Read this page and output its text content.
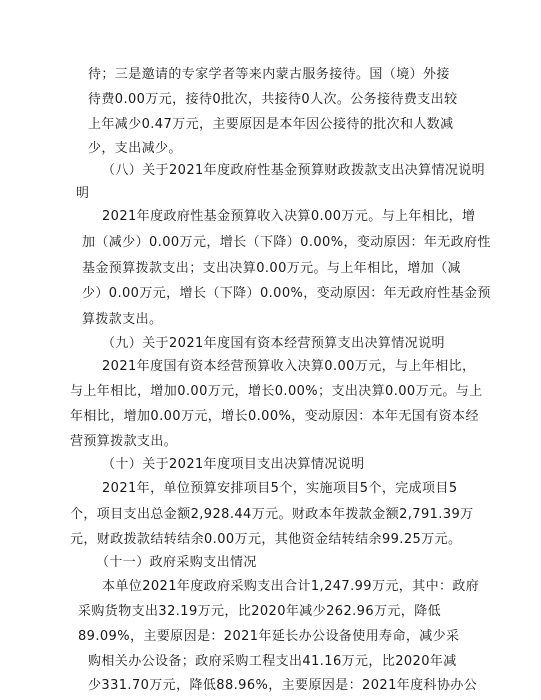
待；三是邀请的专家学者等来内蒙古服务接待。国（境）外接
待费0.00万元，接待0批次，共接待0人次。公务接待费支出较
上年减少0.47万元，主要原因是本年因公接待的批次和人数减
少，支出减少。
（八）关于2021年度政府性基金预算财政拨款支出决算情况说明
明
2021年度政府性基金预算收入决算0.00万元。与上年相比，增
加（减少）0.00万元，增长（下降）0.00%，变动原因：年无政府性
基金预算拨款支出；支出决算0.00万元。与上年相比，增加（减
少）0.00万元，增长（下降）0.00%，变动原因：年无政府性基金预
算拨款支出。
（九）关于2021年度国有资本经营预算支出决算情况说明
2021年度国有资本经营预算收入决算0.00万元，与上年相比，
与上年相比，增加0.00万元，增长0.00%；支出决算0.00万元。与上
年相比，增加0.00万元，增长0.00%，变动原因：本年无国有资本经
营预算拨款支出。
（十）关于2021年度项目支出决算情况说明
2021年，单位预算安排项目5个，实施项目5个，完成项目5
个，项目支出总金额2,928.44万元。财政本年拨款金额2,791.39万
元，财政拨款结转结余0.00万元，其他资金结转结余99.25万元。
（十一）政府采购支出情况
本单位2021年度政府采购支出合计1,247.99万元，其中：政府
采购货物支出32.19万元，比2020年减少262.96万元，降低
89.09%，主要原因是：2021年延长办公设备使用寿命，减少采
购相关办公设备；政府采购工程支出41.16万元，比2020年减
少331.70万元，降低88.96%，主要原因是：2021年度科协办公
